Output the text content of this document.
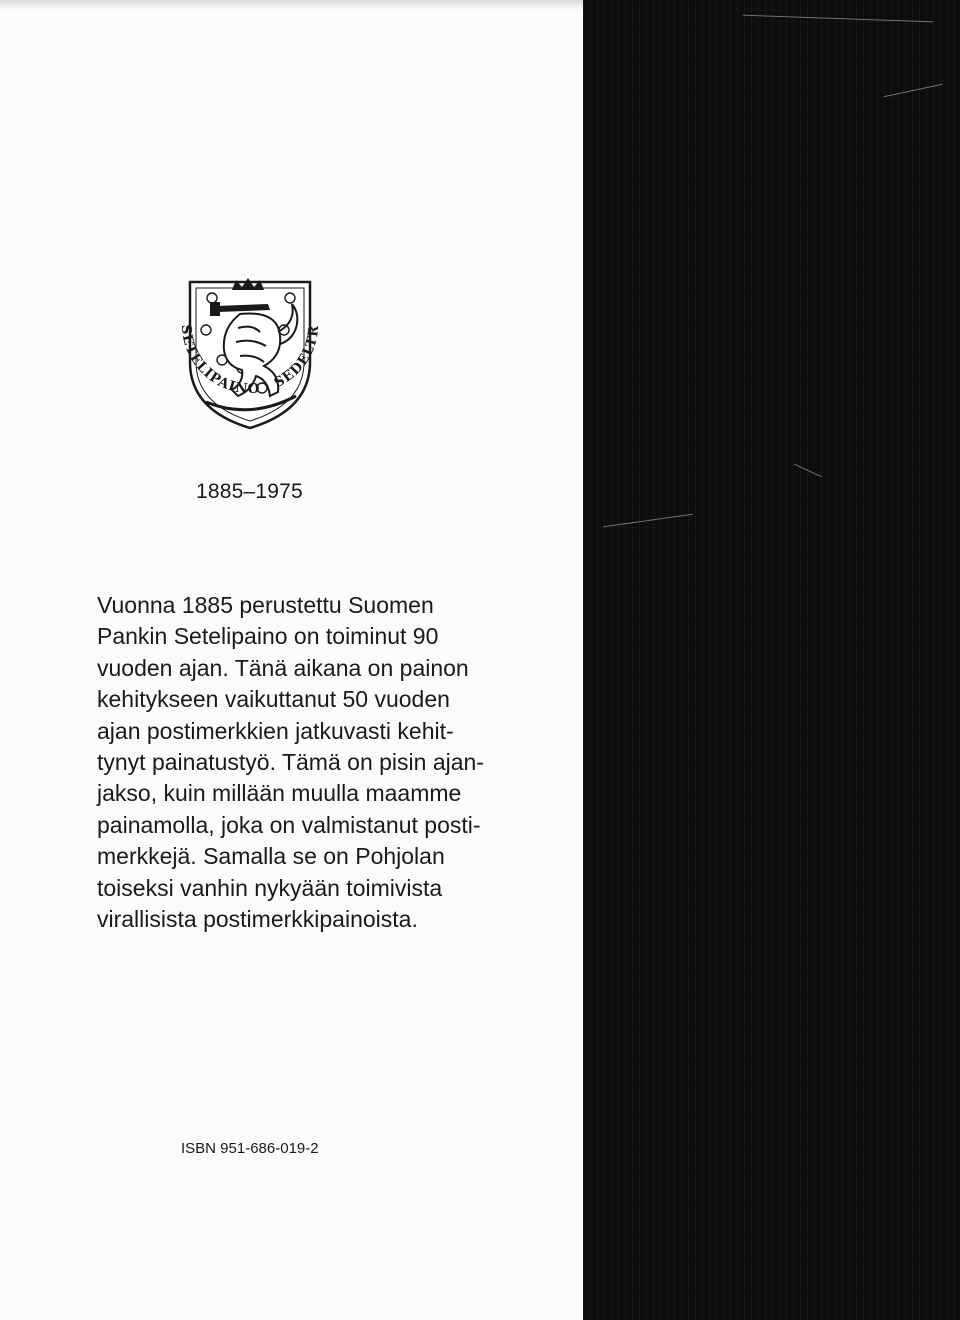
SETELIPAINO · SEDELTR

1885–1975

Vuonna 1885 perustettu Suomen
Pankin Setelipaino on toiminut 90
vuoden ajan. Tänä aikana on painon
kehitykseen vaikuttanut 50 vuoden
ajan postimerkkien jatkuvasti kehit-
tynyt painatustyö. Tämä on pisin ajan-
jakso, kuin millään muulla maamme
painamolla, joka on valmistanut posti-
merkkejä. Samalla se on Pohjolan
toiseksi vanhin nykyään toimivista
virallisista postimerkkipainoista.

ISBN 951-686-019-2
